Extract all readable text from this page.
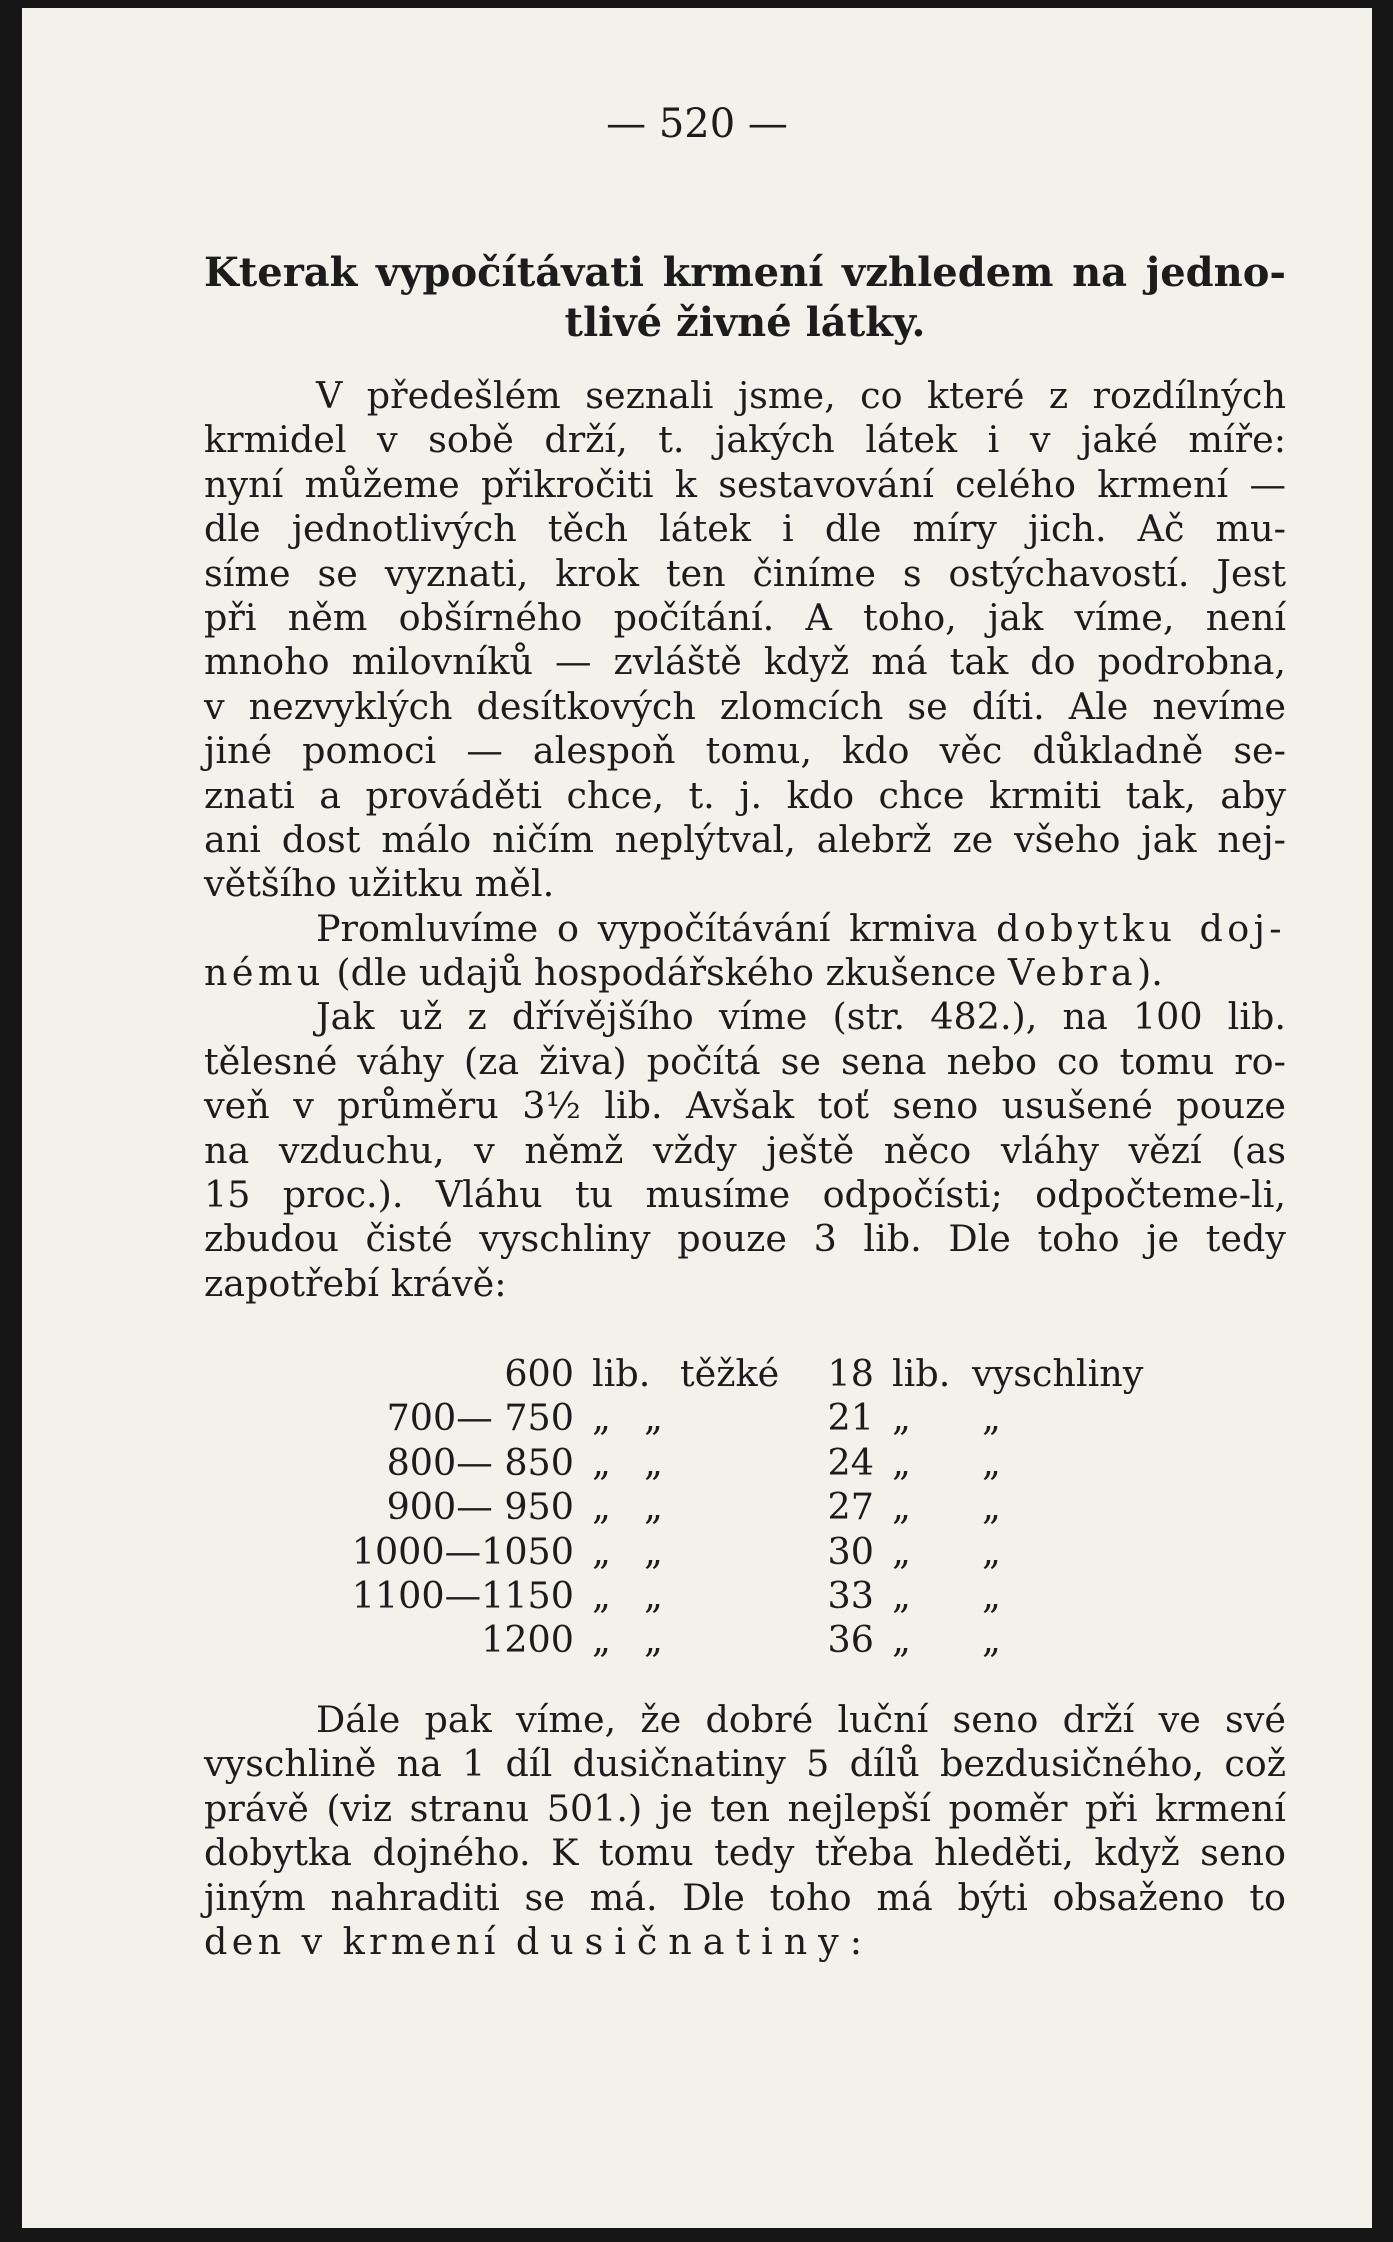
— 520 —
Kterak vypočítávati krmení vzhledem na jedno-
tlivé živné látky.
V předešlém seznali jsme, co které z rozdílných
krmidel v sobě drží, t. jakých látek i v jaké míře:
nyní můžeme přikročiti k sestavování celého krmení —
dle jednotlivých těch látek i dle míry jich. Ač mu-
síme se vyznati, krok ten činíme s ostýchavostí. Jest
při něm obšírného počítání. A toho, jak víme, není
mnoho milovníků — zvláště když má tak do podrobna,
v nezvyklých desítkových zlomcích se díti. Ale nevíme
jiné pomoci — alespoň tomu, kdo věc důkladně se-
znati a prováděti chce, t. j. kdo chce krmiti tak, aby
ani dost málo ničím neplýtval, alebrž ze všeho jak nej-
většího užitku měl.
Promluvíme o vypočítávání krmiva dobytku doj-
nému (dle udajů hospodářského zkušence Vebra).
Jak už z dřívějšího víme (str. 482.), na 100 lib.
tělesné váhy (za živa) počítá se sena nebo co tomu ro-
veň v průměru 3½ lib. Avšak toť seno usušené pouze
na vzduchu, v němž vždy ještě něco vláhy vězí (as
15 proc.). Vláhu tu musíme odpočísti; odpočteme-li,
zbudou čisté vyschliny pouze 3 lib. Dle toho je tedy
zapotřebí krávě:
600 lib. těžké	18 lib. vyschliny
700— 750 „ „	21 „ „
800— 850 „ „	24 „ „
900— 950 „ „	27 „ „
1000—1050 „ „	30 „ „
1100—1150 „ „	33 „ „
1200 „ „	36 „ „
Dále pak víme, že dobré luční seno drží ve své
vyschlině na 1 díl dusičnatiny 5 dílů bezdusičného, což
právě (viz stranu 501.) je ten nejlepší poměr při krmení
dobytka dojného. K tomu tedy třeba hleděti, když seno
jiným nahraditi se má. Dle toho má býti obsaženo to
den v krmení dusičnatiny:
